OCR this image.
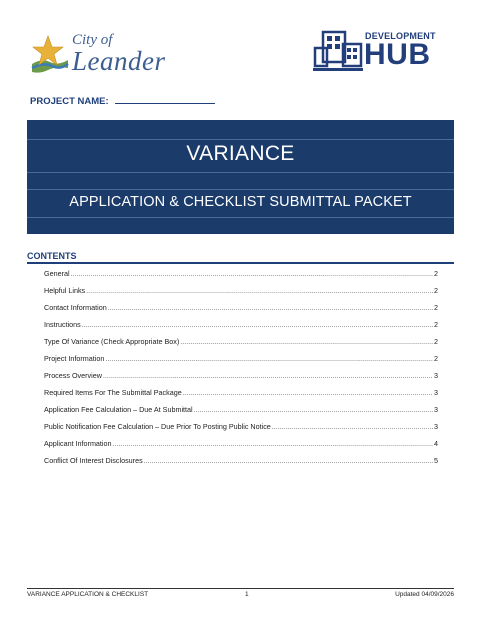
City of
Leander
DEVELOPMENT
HUB
PROJECT NAME:
VARIANCE
APPLICATION & CHECKLIST SUBMITTAL PACKET
CONTENTS
General .....	2
Helpful Links .....	2
Contact Information .....	2
Instructions .....	2
Type Of Variance (Check Appropriate Box) .....	2
Project Information .....	2
Process Overview .....	3
Required Items For The Submittal Package .....	3
Application Fee Calculation – Due At Submittal .....	3
Public Notification Fee Calculation – Due Prior To Posting Public Notice .....	3
Applicant Information .....	4
Conflict Of Interest Disclosures .....	5
VARIANCE APPLICATION & CHECKLIST	1	Updated 04/09/2026
